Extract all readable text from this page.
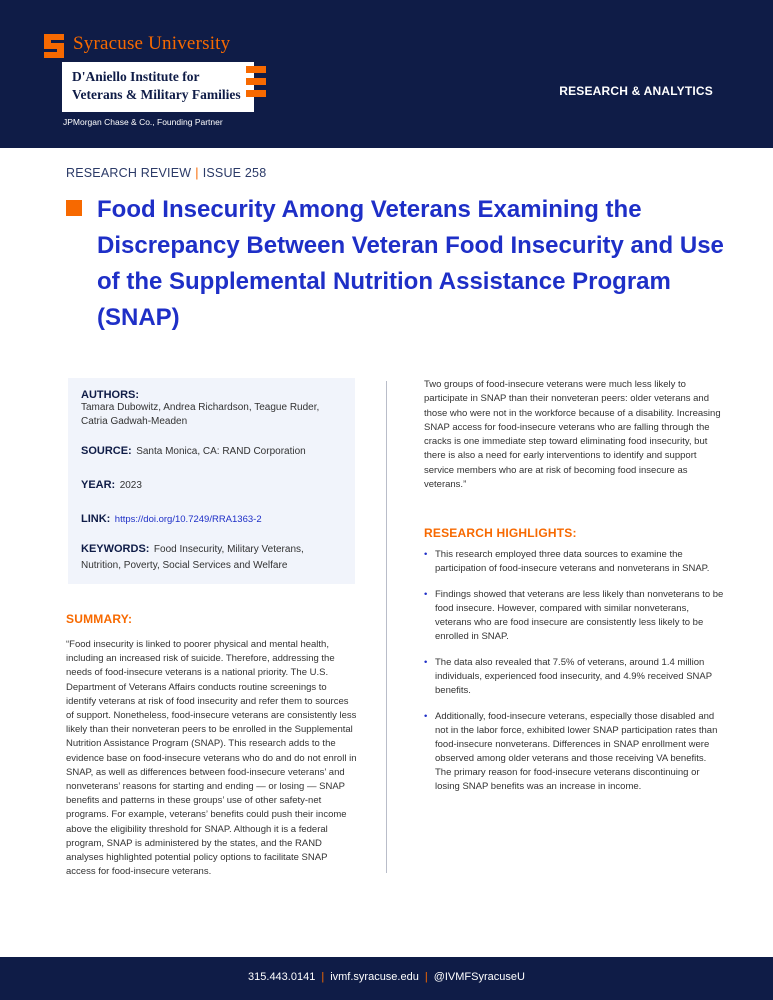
Syracuse University
D'Aniello Institute for
Veterans & Military Families
JPMorgan Chase & Co., Founding Partner
RESEARCH & ANALYTICS
RESEARCH REVIEW | ISSUE 258
Food Insecurity Among Veterans Examining the Discrepancy Between Veteran Food Insecurity and Use of the Supplemental Nutrition Assistance Program (SNAP)
AUTHORS:
Tamara Dubowitz, Andrea Richardson, Teague Ruder, Catria Gadwah-Meaden
SOURCE: Santa Monica, CA: RAND Corporation
YEAR: 2023
LINK: https://doi.org/10.7249/RRA1363-2
KEYWORDS: Food Insecurity, Military Veterans, Nutrition, Poverty, Social Services and Welfare
SUMMARY:

“Food insecurity is linked to poorer physical and mental health, including an increased risk of suicide. Therefore, addressing the needs of food-insecure veterans is a national priority. The U.S. Department of Veterans Affairs conducts routine screenings to identify veterans at risk of food insecurity and refer them to sources of support. Nonetheless, food-insecure veterans are consistently less likely than their nonveteran peers to be enrolled in the Supplemental Nutrition Assistance Program (SNAP). This research adds to the evidence base on food-insecure veterans who do and do not enroll in SNAP, as well as differences between food-insecure veterans’ and nonveterans’ reasons for starting and ending — or losing — SNAP benefits and patterns in these groups’ use of other safety-net programs. For example, veterans’ benefits could push their income above the eligibility threshold for SNAP. Although it is a federal program, SNAP is administered by the states, and the RAND analyses highlighted potential policy options to facilitate SNAP access for food-insecure veterans.

Two groups of food-insecure veterans were much less likely to participate in SNAP than their nonveteran peers: older veterans and those who were not in the workforce because of a disability. Increasing SNAP access for food-insecure veterans who are falling through the cracks is one immediate step toward eliminating food insecurity, but there is also a need for early interventions to identify and support service members who are at risk of becoming food insecure as veterans.”

RESEARCH HIGHLIGHTS:
• This research employed three data sources to examine the participation of food-insecure veterans and nonveterans in SNAP.
• Findings showed that veterans are less likely than nonveterans to be food insecure. However, compared with similar nonveterans, veterans who are food insecure are consistently less likely to be enrolled in SNAP.
• The data also revealed that 7.5% of veterans, around 1.4 million individuals, experienced food insecurity, and 4.9% received SNAP benefits.
• Additionally, food-insecure veterans, especially those disabled and not in the labor force, exhibited lower SNAP participation rates than food-insecure nonveterans. Differences in SNAP enrollment were observed among older veterans and those receiving VA benefits. The primary reason for food-insecure veterans discontinuing or losing SNAP benefits was an increase in income.
315.443.0141 | ivmf.syracuse.edu | @IVMFSyracuseU
